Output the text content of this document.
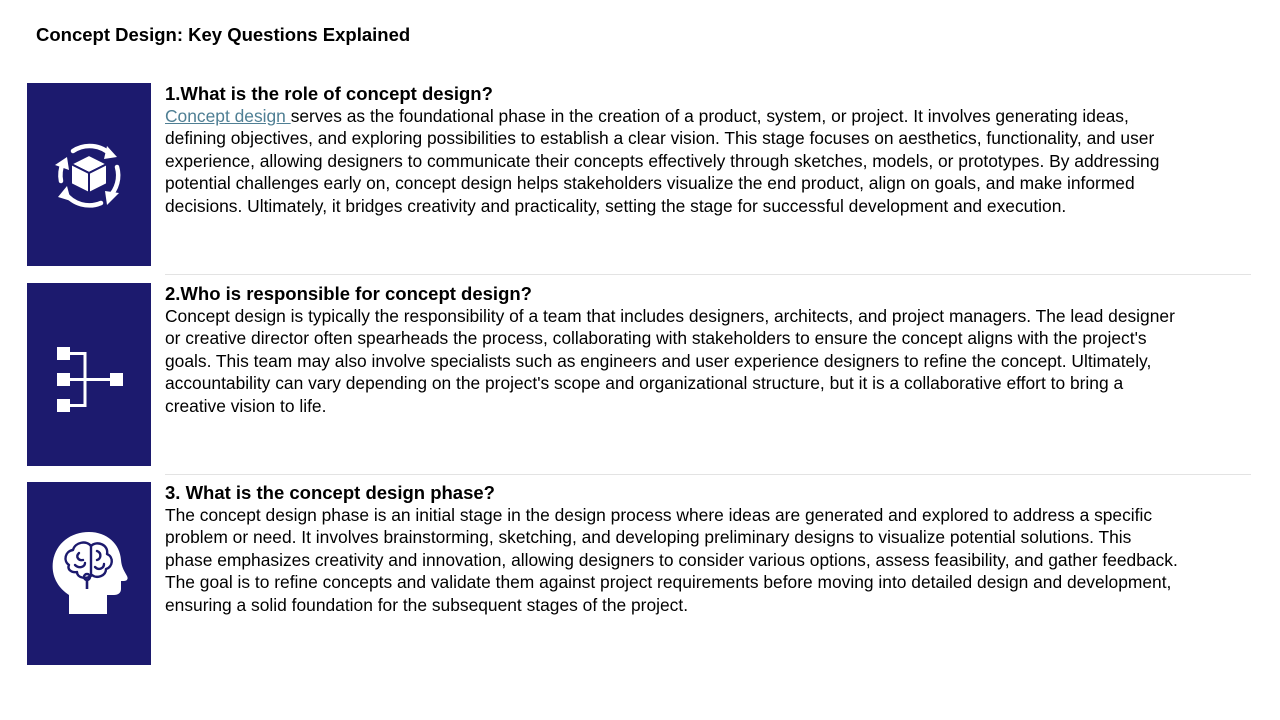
Concept Design: Key Questions Explained
1.What is the role of concept design?

Concept design serves as the foundational phase in the creation of a product, system, or project. It involves generating ideas,
defining objectives, and exploring possibilities to establish a clear vision. This stage focuses on aesthetics, functionality, and user
experience, allowing designers to communicate their concepts effectively through sketches, models, or prototypes. By addressing
potential challenges early on, concept design helps stakeholders visualize the end product, align on goals, and make informed
decisions. Ultimately, it bridges creativity and practicality, setting the stage for successful development and execution.

2.Who is responsible for concept design?

Concept design is typically the responsibility of a team that includes designers, architects, and project managers. The lead designer
or creative director often spearheads the process, collaborating with stakeholders to ensure the concept aligns with the project's
goals. This team may also involve specialists such as engineers and user experience designers to refine the concept. Ultimately,
accountability can vary depending on the project's scope and organizational structure, but it is a collaborative effort to bring a
creative vision to life.

3. What is the concept design phase?

The concept design phase is an initial stage in the design process where ideas are generated and explored to address a specific
problem or need. It involves brainstorming, sketching, and developing preliminary designs to visualize potential solutions. This
phase emphasizes creativity and innovation, allowing designers to consider various options, assess feasibility, and gather feedback.
The goal is to refine concepts and validate them against project requirements before moving into detailed design and development,
ensuring a solid foundation for the subsequent stages of the project.
